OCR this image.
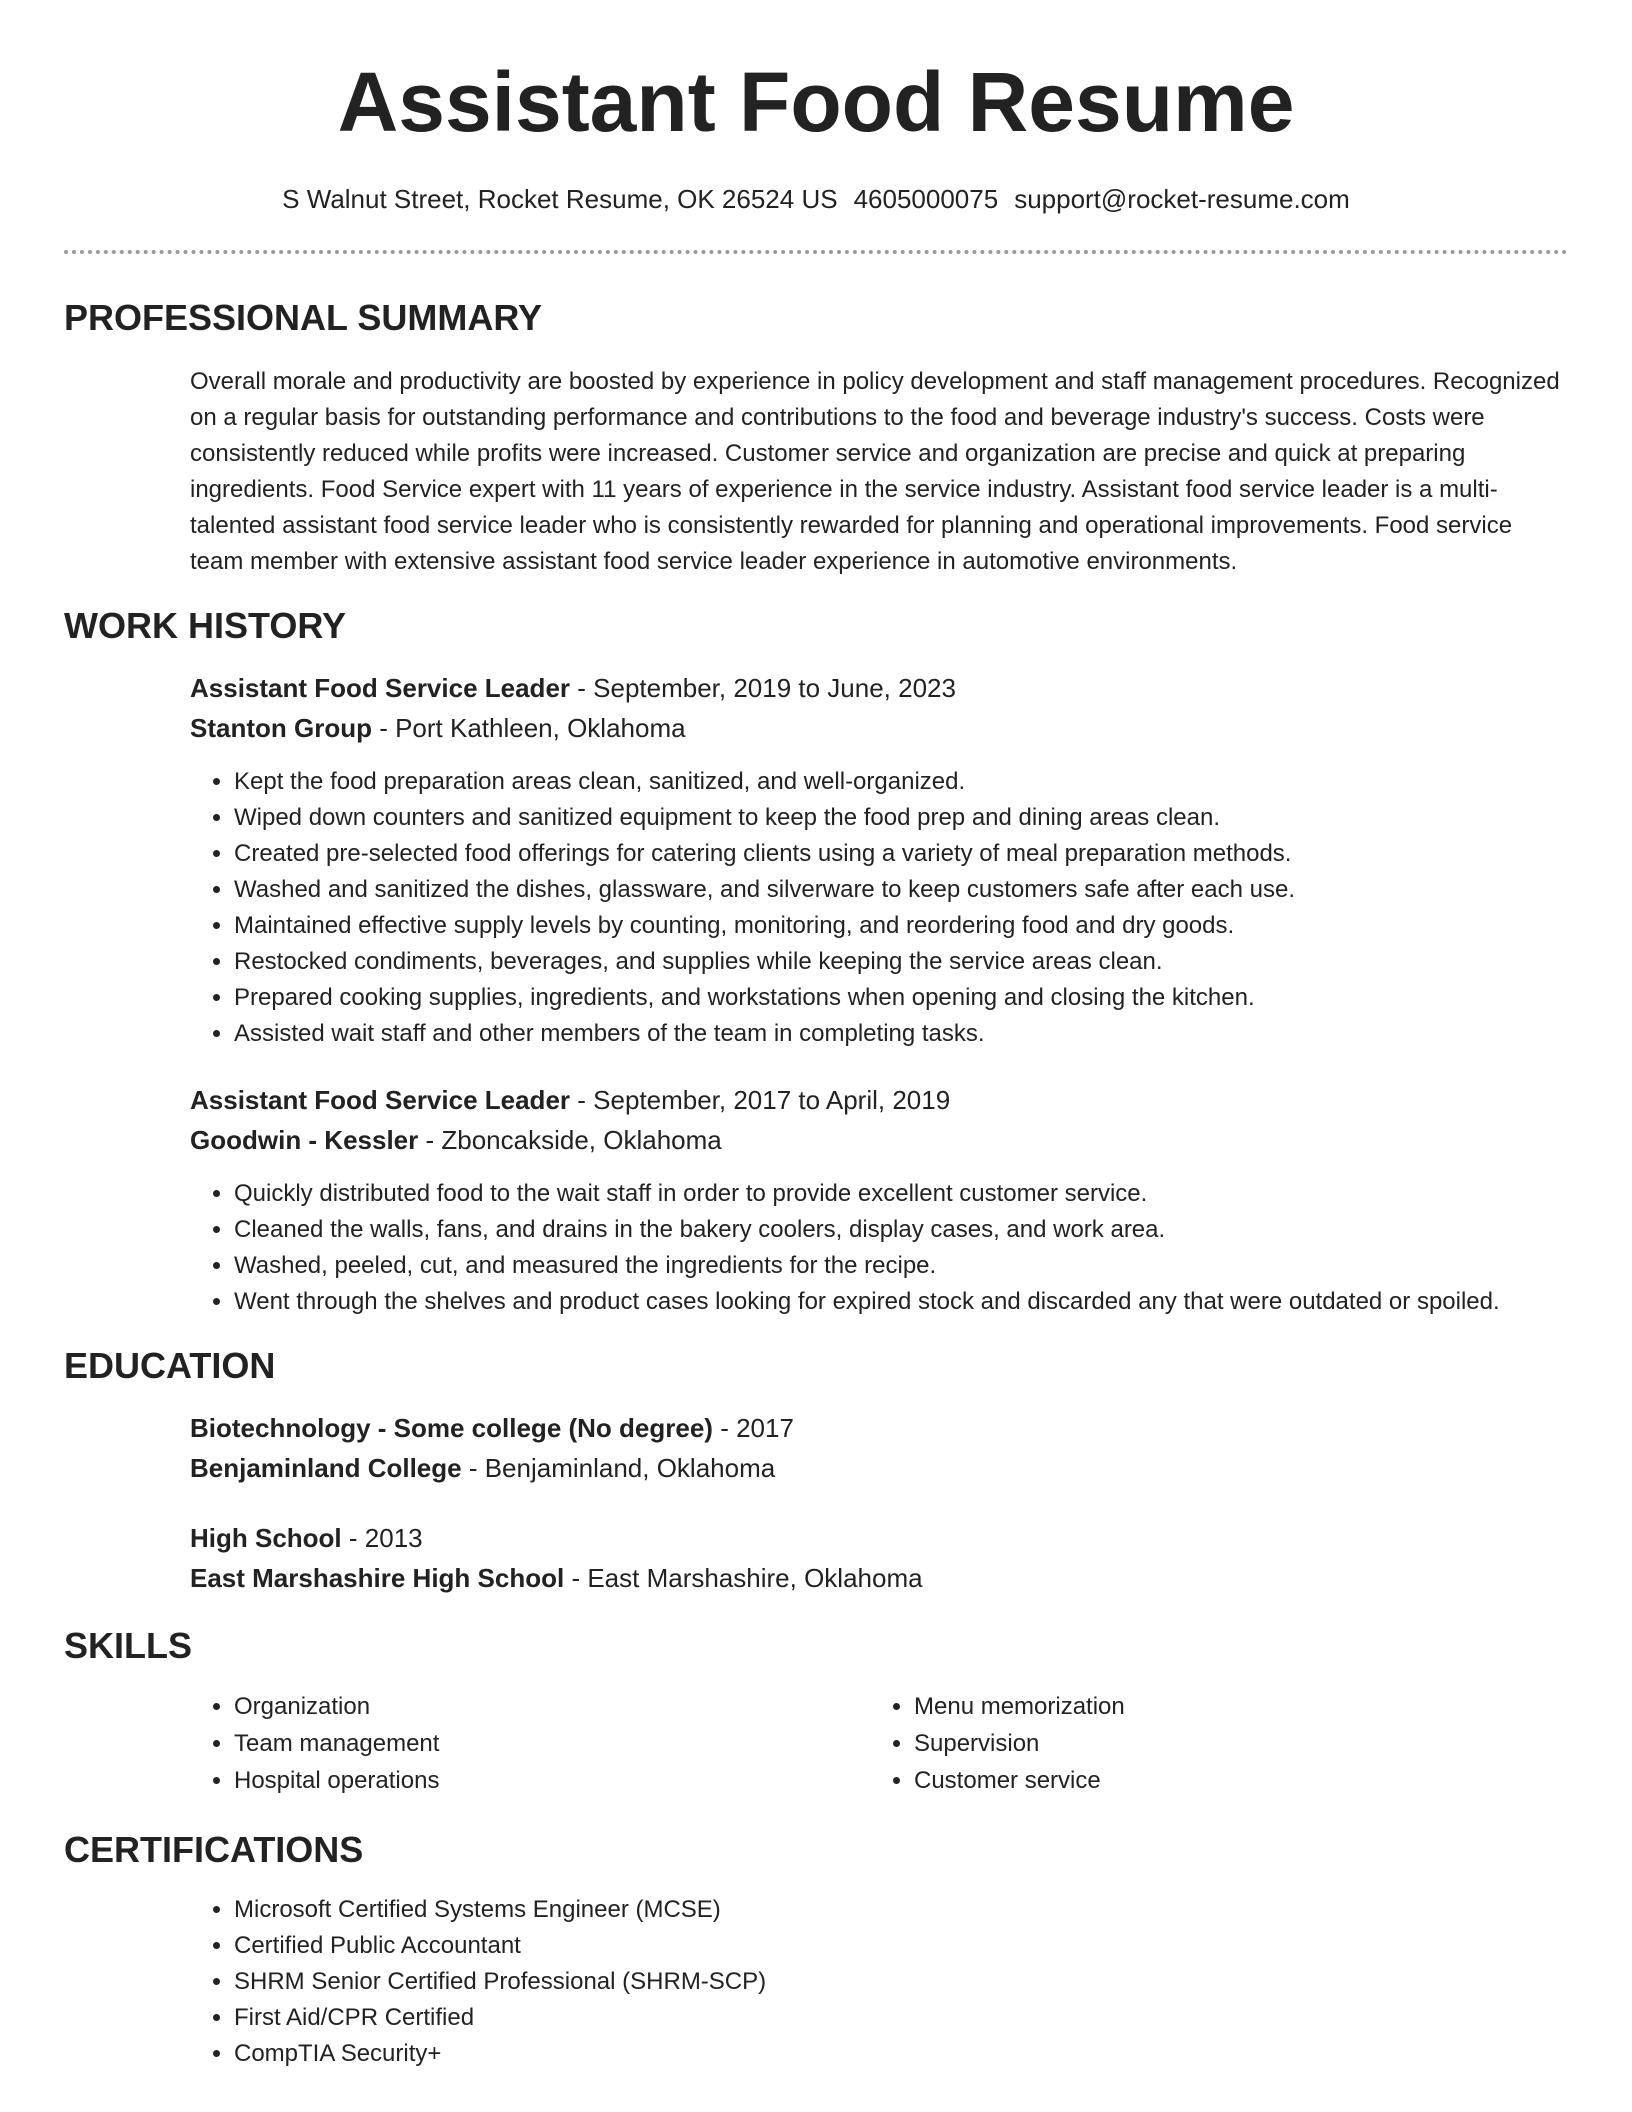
Assistant Food Resume
S Walnut Street, Rocket Resume, OK 26524 US 4605000075 support@rocket-resume.com
PROFESSIONAL SUMMARY
Overall morale and productivity are boosted by experience in policy development and staff management procedures. Recognized on a regular basis for outstanding performance and contributions to the food and beverage industry's success. Costs were consistently reduced while profits were increased. Customer service and organization are precise and quick at preparing ingredients. Food Service expert with 11 years of experience in the service industry. Assistant food service leader is a multi-talented assistant food service leader who is consistently rewarded for planning and operational improvements. Food service team member with extensive assistant food service leader experience in automotive environments.
WORK HISTORY
Assistant Food Service Leader - September, 2019 to June, 2023
Stanton Group - Port Kathleen, Oklahoma
• Kept the food preparation areas clean, sanitized, and well-organized.
• Wiped down counters and sanitized equipment to keep the food prep and dining areas clean.
• Created pre-selected food offerings for catering clients using a variety of meal preparation methods.
• Washed and sanitized the dishes, glassware, and silverware to keep customers safe after each use.
• Maintained effective supply levels by counting, monitoring, and reordering food and dry goods.
• Restocked condiments, beverages, and supplies while keeping the service areas clean.
• Prepared cooking supplies, ingredients, and workstations when opening and closing the kitchen.
• Assisted wait staff and other members of the team in completing tasks.
Assistant Food Service Leader - September, 2017 to April, 2019
Goodwin - Kessler - Zboncakside, Oklahoma
• Quickly distributed food to the wait staff in order to provide excellent customer service.
• Cleaned the walls, fans, and drains in the bakery coolers, display cases, and work area.
• Washed, peeled, cut, and measured the ingredients for the recipe.
• Went through the shelves and product cases looking for expired stock and discarded any that were outdated or spoiled.
EDUCATION
Biotechnology - Some college (No degree) - 2017
Benjaminland College - Benjaminland, Oklahoma
High School - 2013
East Marshashire High School - East Marshashire, Oklahoma
SKILLS
• Organization
• Team management
• Hospital operations
• Menu memorization
• Supervision
• Customer service
CERTIFICATIONS
• Microsoft Certified Systems Engineer (MCSE)
• Certified Public Accountant
• SHRM Senior Certified Professional (SHRM-SCP)
• First Aid/CPR Certified
• CompTIA Security+
